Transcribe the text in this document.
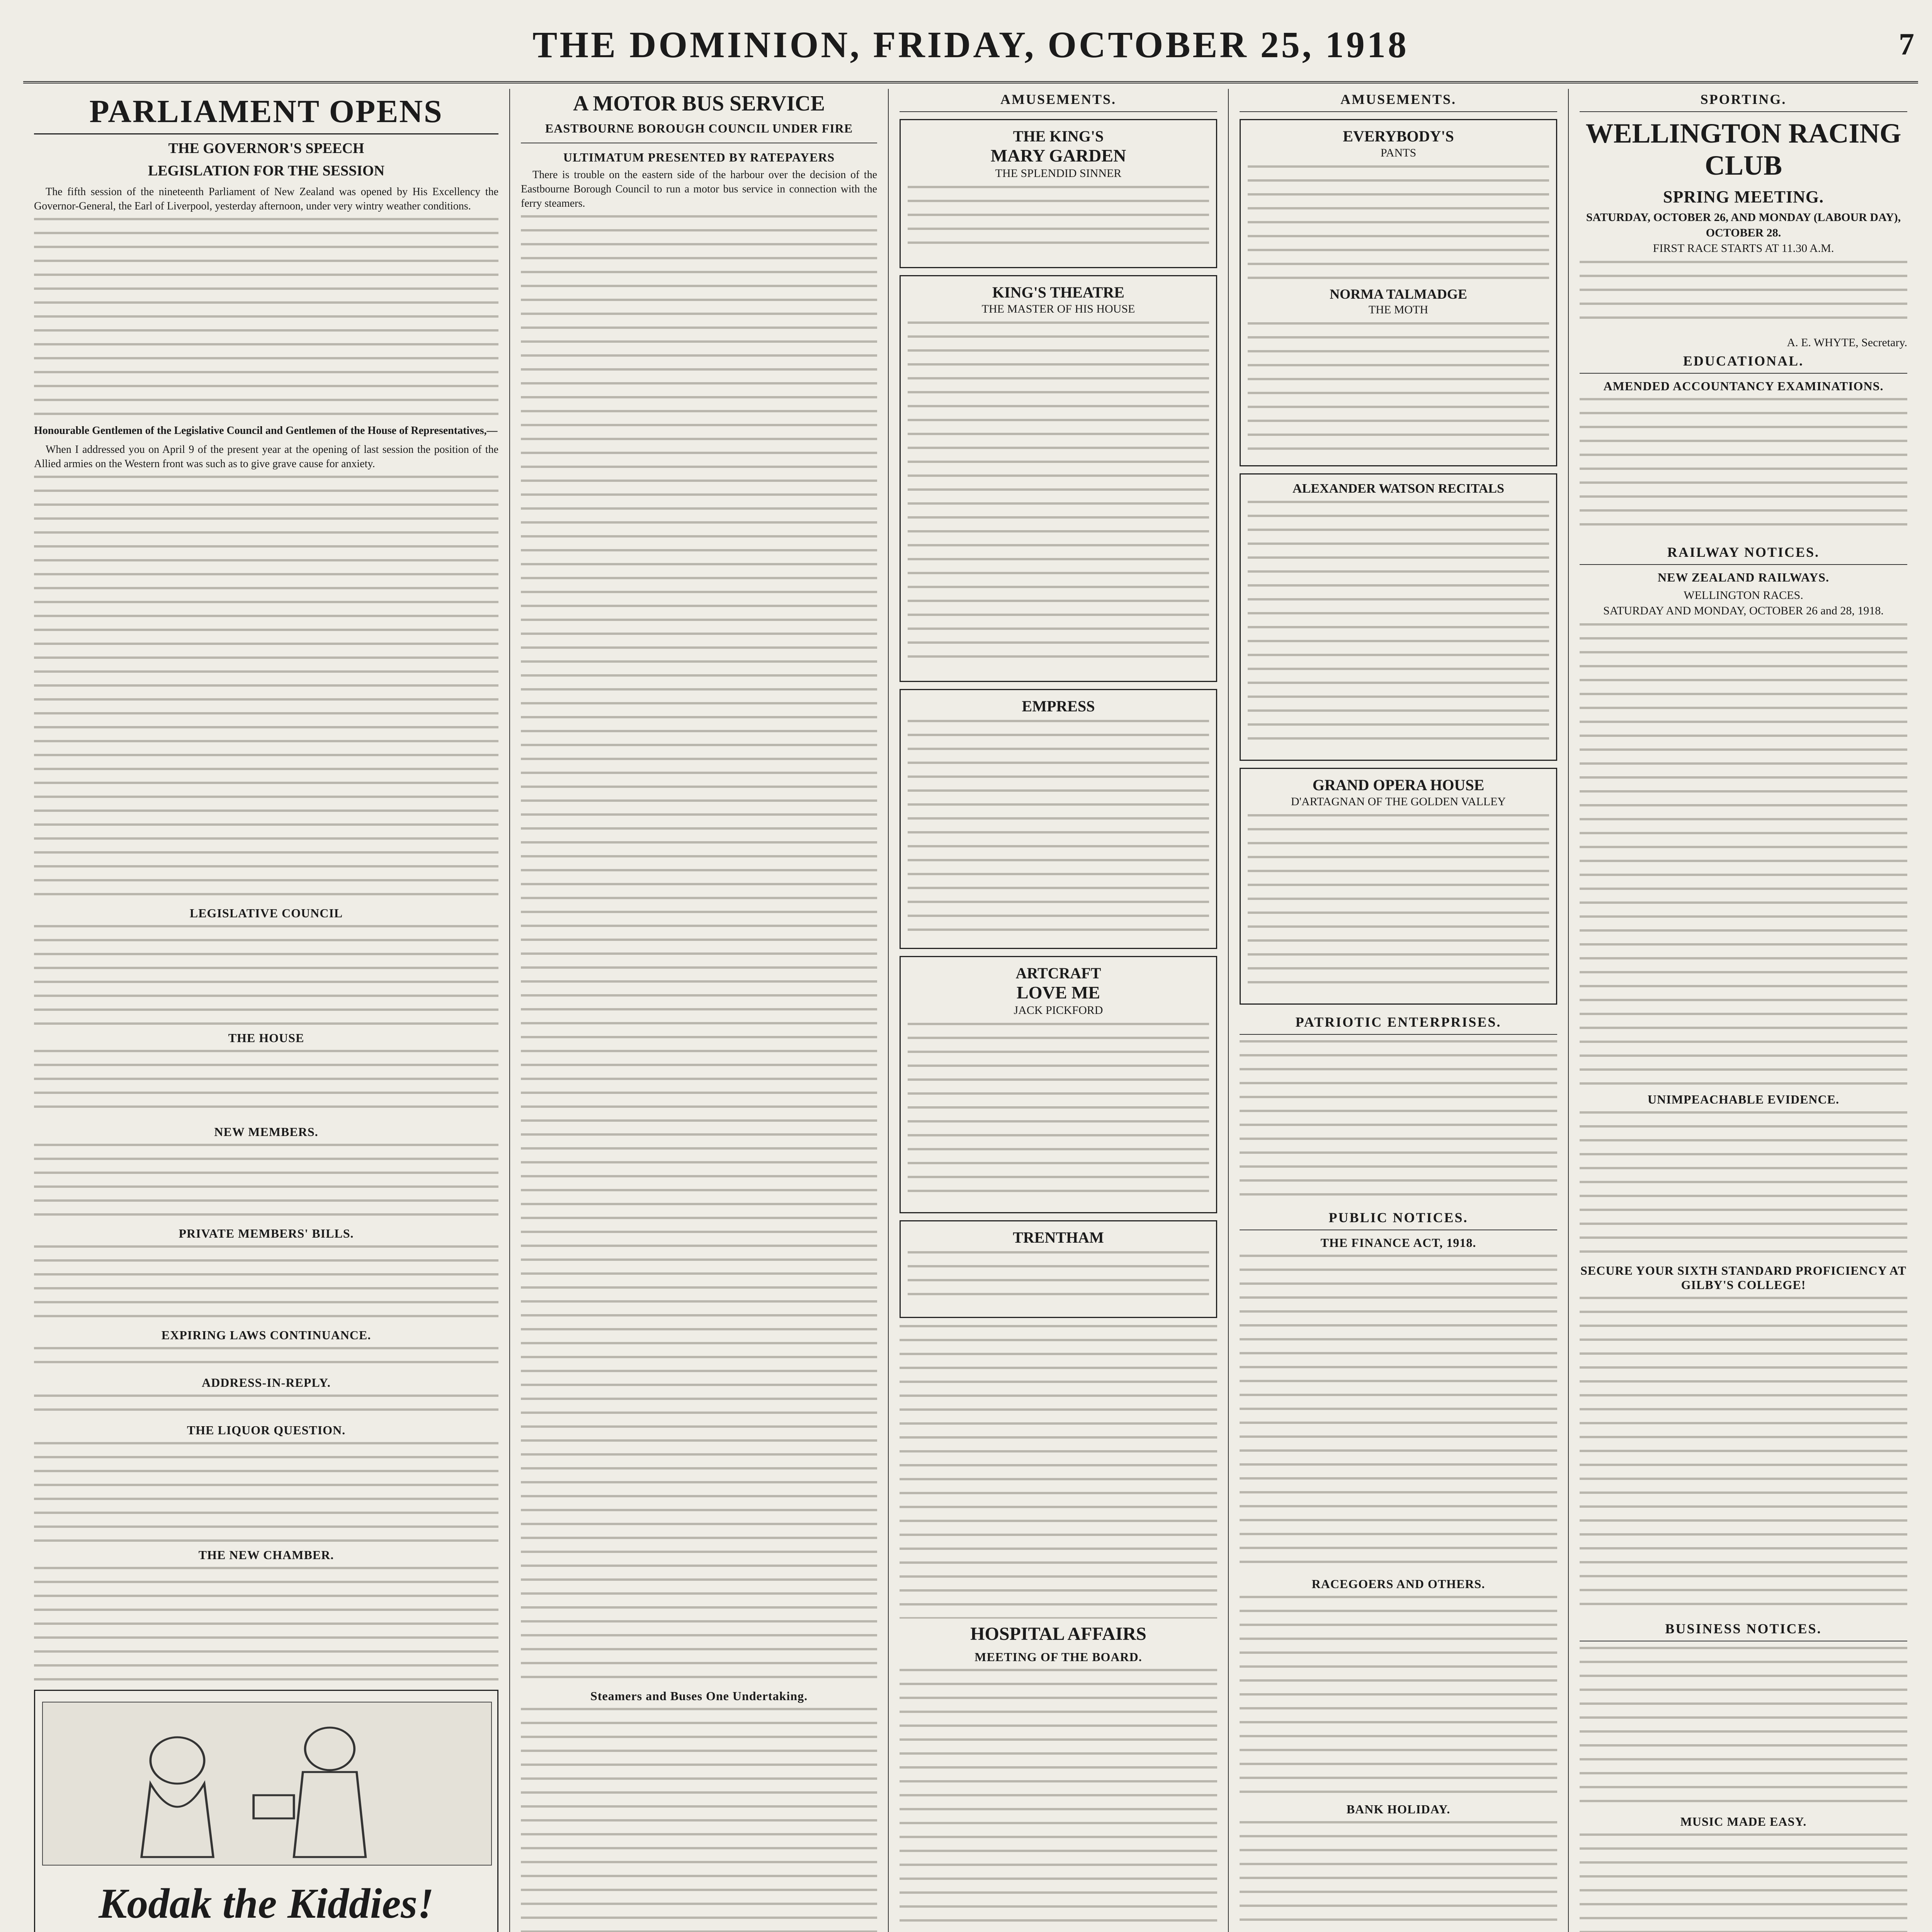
THE DOMINION, FRIDAY, OCTOBER 25, 1918	7
PARLIAMENT OPENS
THE GOVERNOR'S SPEECH
LEGISLATION FOR THE SESSION

The fifth session of the nineteenth Parliament of New Zealand was opened by His Excellency the Governor-General, the Earl of Liverpool, yesterday afternoon, under very wintry weather conditions.

Honourable Gentlemen of the Legislative Council and Gentlemen of the House of Representatives,—

When I addressed you on April 9 of the present year at the opening of last session the position of the Allied armies on the Western front was such as to give grave cause for anxiety.

LEGISLATIVE COUNCIL
THE HOUSE
NEW MEMBERS.
PRIVATE MEMBERS' BILLS.
EXPIRING LAWS CONTINUANCE.
ADDRESS-IN-REPLY.
THE LIQUOR QUESTION.
THE NEW CHAMBER.
Kodak the Kiddies!

A MOTOR BUS SERVICE
EASTBOURNE BOROUGH COUNCIL UNDER FIRE
ULTIMATUM PRESENTED BY RATEPAYERS

There is trouble on the eastern side of the harbour over the decision of the Eastbourne Borough Council to run a motor bus service in connection with the ferry steamers.

Steamers and Buses One Undertaking.
AMUSEMENTS.
THE KING'S
MARY GARDEN
THE SPLENDID SINNER
KING'S THEATRE
THE MASTER OF HIS HOUSE
EMPRESS
ARTCRAFT
LOVE ME
JACK PICKFORD
TRENTHAM
HOSPITAL AFFAIRS
MEETING OF THE BOARD.
AMUSEMENTS.
EVERYBODY'S
PANTS
NORMA TALMADGE
THE MOTH
ALEXANDER WATSON RECITALS
GRAND OPERA HOUSE
D'ARTAGNAN OF THE GOLDEN VALLEY
PATRIOTIC ENTERPRISES.
PUBLIC NOTICES.
THE FINANCE ACT, 1918.
RACEGOERS AND OTHERS.
BANK HOLIDAY.
SPORTING.
WELLINGTON RACING CLUB
SPRING MEETING.
SATURDAY, OCTOBER 26, AND MONDAY (LABOUR DAY), OCTOBER 28.
FIRST RACE STARTS AT 11.30 A.M.
A. E. WHYTE, Secretary.
EDUCATIONAL.
AMENDED ACCOUNTANCY EXAMINATIONS.
RAILWAY NOTICES.
NEW ZEALAND RAILWAYS.
WELLINGTON RACES.
SATURDAY AND MONDAY, OCTOBER 26 and 28, 1918.
UNIMPEACHABLE EVIDENCE.
SECURE YOUR SIXTH STANDARD PROFICIENCY AT GILBY'S COLLEGE!
BUSINESS NOTICES.
MUSIC MADE EASY.
